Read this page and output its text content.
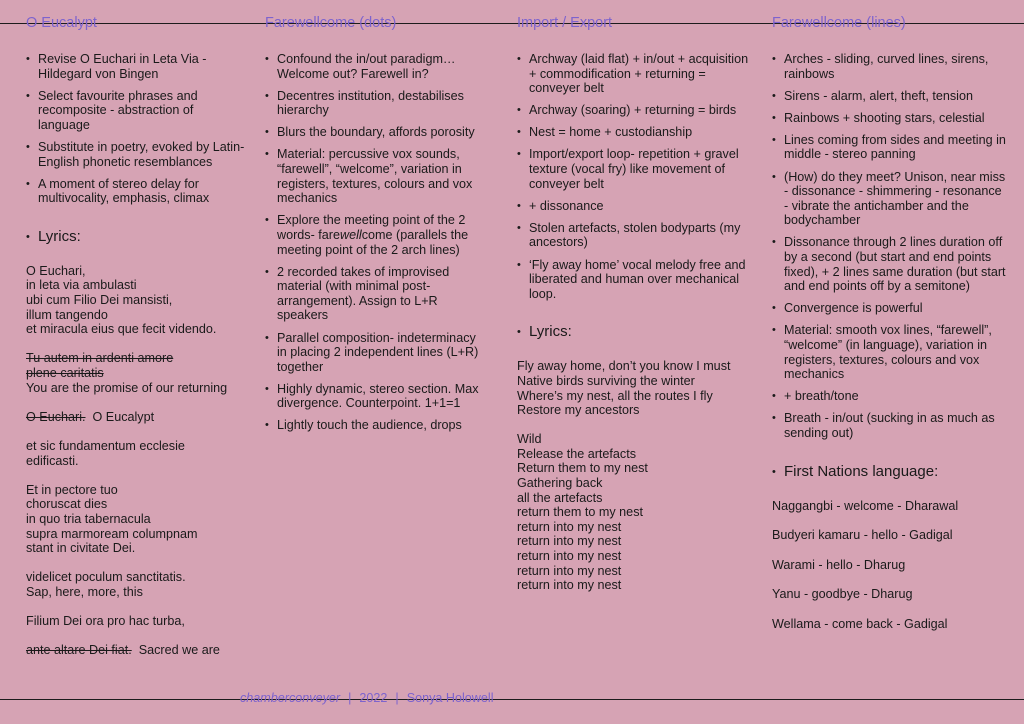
O Eucalypt
• Revise O Euchari in Leta Via - Hildegard von Bingen
• Select favourite phrases and recomposite - abstraction of language
• Substitute in poetry, evoked by Latin-English phonetic resemblances
• A moment of stereo delay for multivocality, emphasis, climax
• Lyrics:
O Euchari,
in leta via ambulasti
ubi cum Filio Dei mansisti,
illum tangendo
et miracula eius que fecit videndo.
Tu autem in ardenti amore
plene caritatis
You are the promise of our returning
O Euchari. O Eucalypt
et sic fundamentum ecclesie
edificasti.
Et in pectore tuo
choruscat dies
in quo tria tabernacula
supra marmoream columpnam
stant in civitate Dei.
videlicet poculum sanctitatis.
Sap, here, more, this
Filium Dei ora pro hac turba,
ante altare Dei fiat. Sacred we are
Farewellcome (dots)
• Confound the in/out paradigm… Welcome out? Farewell in?
• Decentres institution, destabilises hierarchy
• Blurs the boundary, affords porosity
• Material: percussive vox sounds, “farewell”, “welcome”, variation in registers, textures, colours and vox mechanics
• Explore the meeting point of the 2 words- farewellcome (parallels the meeting point of the 2 arch lines)
• 2 recorded takes of improvised material (with minimal post-arrangement). Assign to L+R speakers
• Parallel composition- indeterminacy in placing 2 independent lines (L+R) together
• Highly dynamic, stereo section. Max divergence. Counterpoint. 1+1=1
• Lightly touch the audience, drops
Import / Export
• Archway (laid flat) + in/out + acquisition + commodification + returning = conveyer belt
• Archway (soaring) + returning = birds
• Nest = home + custodianship
• Import/export loop- repetition + gravel texture (vocal fry) like movement of conveyer belt
• + dissonance
• Stolen artefacts, stolen bodyparts (my ancestors)
• ‘Fly away home’ vocal melody free and liberated and human over mechanical loop.
• Lyrics:
Fly away home, don’t you know I must
Native birds surviving the winter
Where’s my nest, all the routes I fly
Restore my ancestors
Wild
Release the artefacts
Return them to my nest
Gathering back
all the artefacts
return them to my nest
return into my nest
return into my nest
return into my nest
return into my nest
return into my nest
Farewellcome (lines)
• Arches - sliding, curved lines, sirens, rainbows
• Sirens - alarm, alert, theft, tension
• Rainbows + shooting stars, celestial
• Lines coming from sides and meeting in middle - stereo panning
• (How) do they meet? Unison, near miss - dissonance - shimmering - resonance - vibrate the antichamber and the bodychamber
• Dissonance through 2 lines duration off by a second (but start and end points fixed), + 2 lines same duration (but start and end points off by a semitone)
• Convergence is powerful
• Material: smooth vox lines, “farewell”, “welcome” (in language), variation in registers, textures, colours and vox mechanics
• + breath/tone
• Breath - in/out (sucking in as much as sending out)
• First Nations language:
Naggangbi - welcome - Dharawal
Budyeri kamaru - hello - Gadigal
Warami - hello - Dharug
Yanu - goodbye - Dharug
Wellama - come back - Gadigal
chamberconveyer | 2022 | Sonya Holowell
